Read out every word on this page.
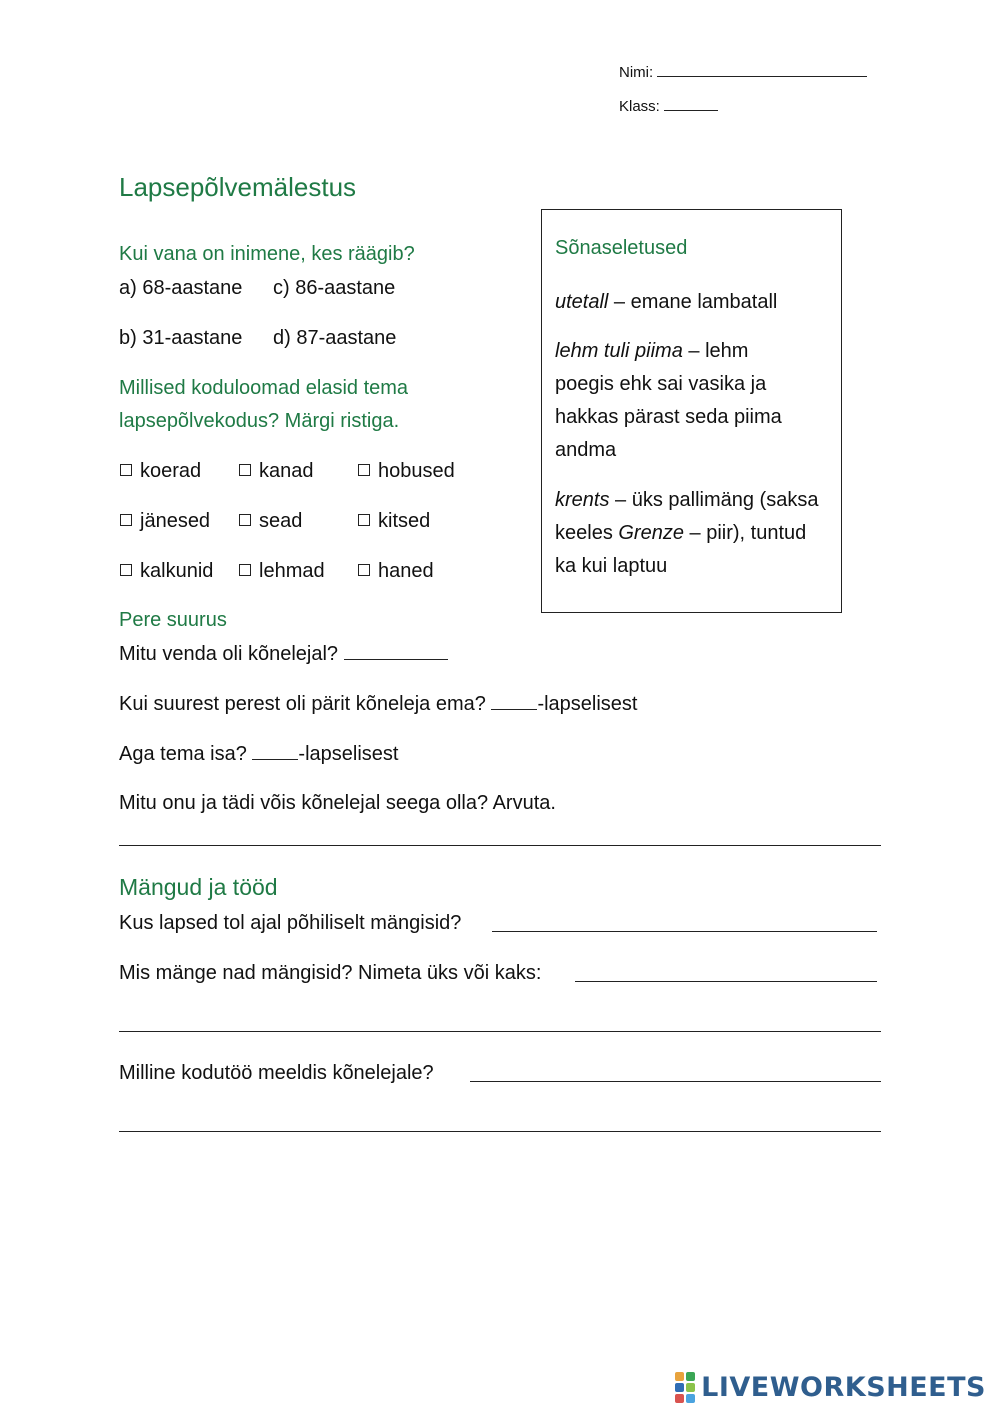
Nimi:
Klass:
Lapsepõlvemälestus
Kui vana on inimene, kes räägib?
a) 68-aastane c) 86-aastane
b) 31-aastane d) 87-aastane
Millised koduloomad elasid tema
lapsepõlvekodus? Märgi ristiga.
koerad	kanad	hobused
jänesed	sead	kitsed
kalkunid	lehmad	haned
Sõnaseletused
utetall – emane lambatall
lehm tuli piima – lehm
poegis ehk sai vasika ja
hakkas pärast seda piima
andma
krents – üks pallimäng (saksa
keeles Grenze – piir), tuntud
ka kui laptuu
Pere suurus
Mitu venda oli kõnelejal?
Kui suurest perest oli pärit kõneleja ema?	-lapselisest
Aga tema isa?	-lapselisest
Mitu onu ja tädi võis kõnelejal seega olla? Arvuta.
Mängud ja tööd
Kus lapsed tol ajal põhiliselt mängisid?
Mis mänge nad mängisid? Nimeta üks või kaks:
Milline kodutöö meeldis kõnelejale?
LIVEWORKSHEETS
